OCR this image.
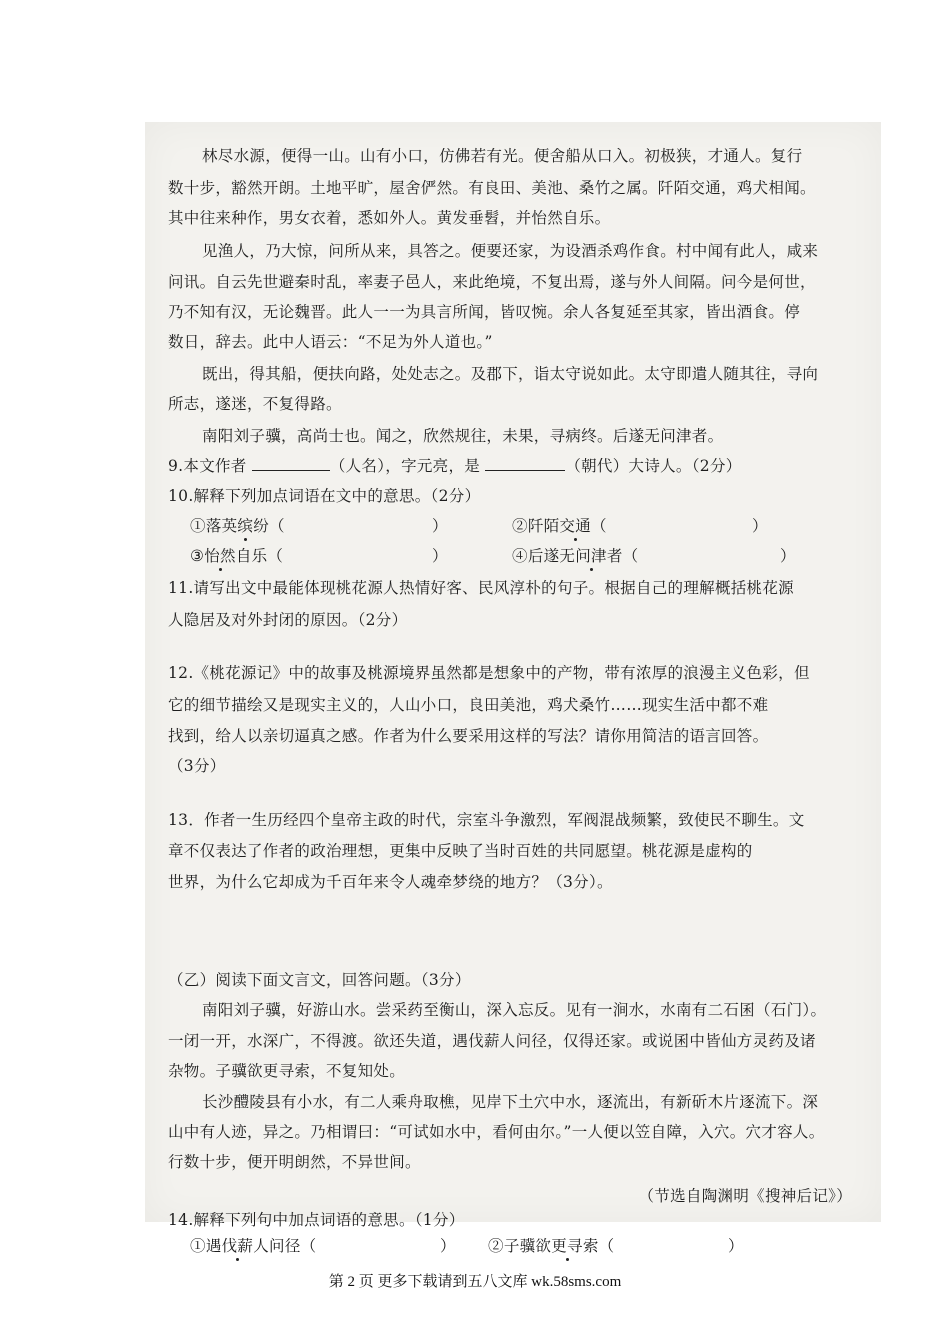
林尽水源，便得一山。山有小口，仿佛若有光。便舍船从口入。初极狭，才通人。复行
数十步，豁然开朗。土地平旷，屋舍俨然。有良田、美池、桑竹之属。阡陌交通，鸡犬相闻。
其中往来种作，男女衣着，悉如外人。黄发垂髫，并怡然自乐。
见渔人，乃大惊，问所从来，具答之。便要还家，为设酒杀鸡作食。村中闻有此人，咸来
问讯。自云先世避秦时乱，率妻子邑人，来此绝境，不复出焉，遂与外人间隔。问今是何世，
乃不知有汉，无论魏晋。此人一一为具言所闻，皆叹惋。余人各复延至其家，皆出酒食。停
数日，辞去。此中人语云：“不足为外人道也。”
既出，得其船，便扶向路，处处志之。及郡下，诣太守说如此。太守即遣人随其往，寻向
所志，遂迷，不复得路。
南阳刘子骥，高尚士也。闻之，欣然规往，未果，寻病终。后遂无问津者。
9.本文作者	（人名），字元亮，是	（朝代）大诗人。（2分）
10.解释下列加点词语在文中的意思。（2分）
①落英缤纷（	）	②阡陌交通（	）
③怡然自乐（	）	④后遂无问津者（	）
11.请写出文中最能体现桃花源人热情好客、民风淳朴的句子。根据自己的理解概括桃花源
人隐居及对外封闭的原因。（2分）
12.《桃花源记》中的故事及桃源境界虽然都是想象中的产物，带有浓厚的浪漫主义色彩，但
它的细节描绘又是现实主义的，人山小口，良田美池，鸡犬桑竹……现实生活中都不难
找到，给人以亲切逼真之感。作者为什么要采用这样的写法？请你用简洁的语言回答。
（3分）
13．作者一生历经四个皇帝主政的时代，宗室斗争激烈，军阀混战频繁，致使民不聊生。文
章不仅表达了作者的政治理想，更集中反映了当时百姓的共同愿望。桃花源是虚构的
世界，为什么它却成为千百年来令人魂牵梦绕的地方？（3分）。
（乙）阅读下面文言文，回答问题。（3分）
南阳刘子骥，好游山水。尝采药至衡山，深入忘反。见有一涧水，水南有二石囷（石门）。
一闭一开，水深广，不得渡。欲还失道，遇伐薪人问径，仅得还家。或说囷中皆仙方灵药及诸
杂物。子骥欲更寻索，不复知处。
长沙醴陵县有小水，有二人乘舟取樵，见岸下土穴中水，逐流出，有新斫木片逐流下。深
山中有人迹，异之。乃相谓曰：“可试如水中，看何由尔。”一人便以笠自障，入穴。穴才容人。
行数十步，便开明朗然，不异世间。
（节选自陶渊明《搜神后记》）
14.解释下列句中加点词语的意思。（1分）
①遇伐薪人问径（	） ②子骥欲更寻索（	）
第 2 页 更多下载请到五八文库 wk.58sms.com
